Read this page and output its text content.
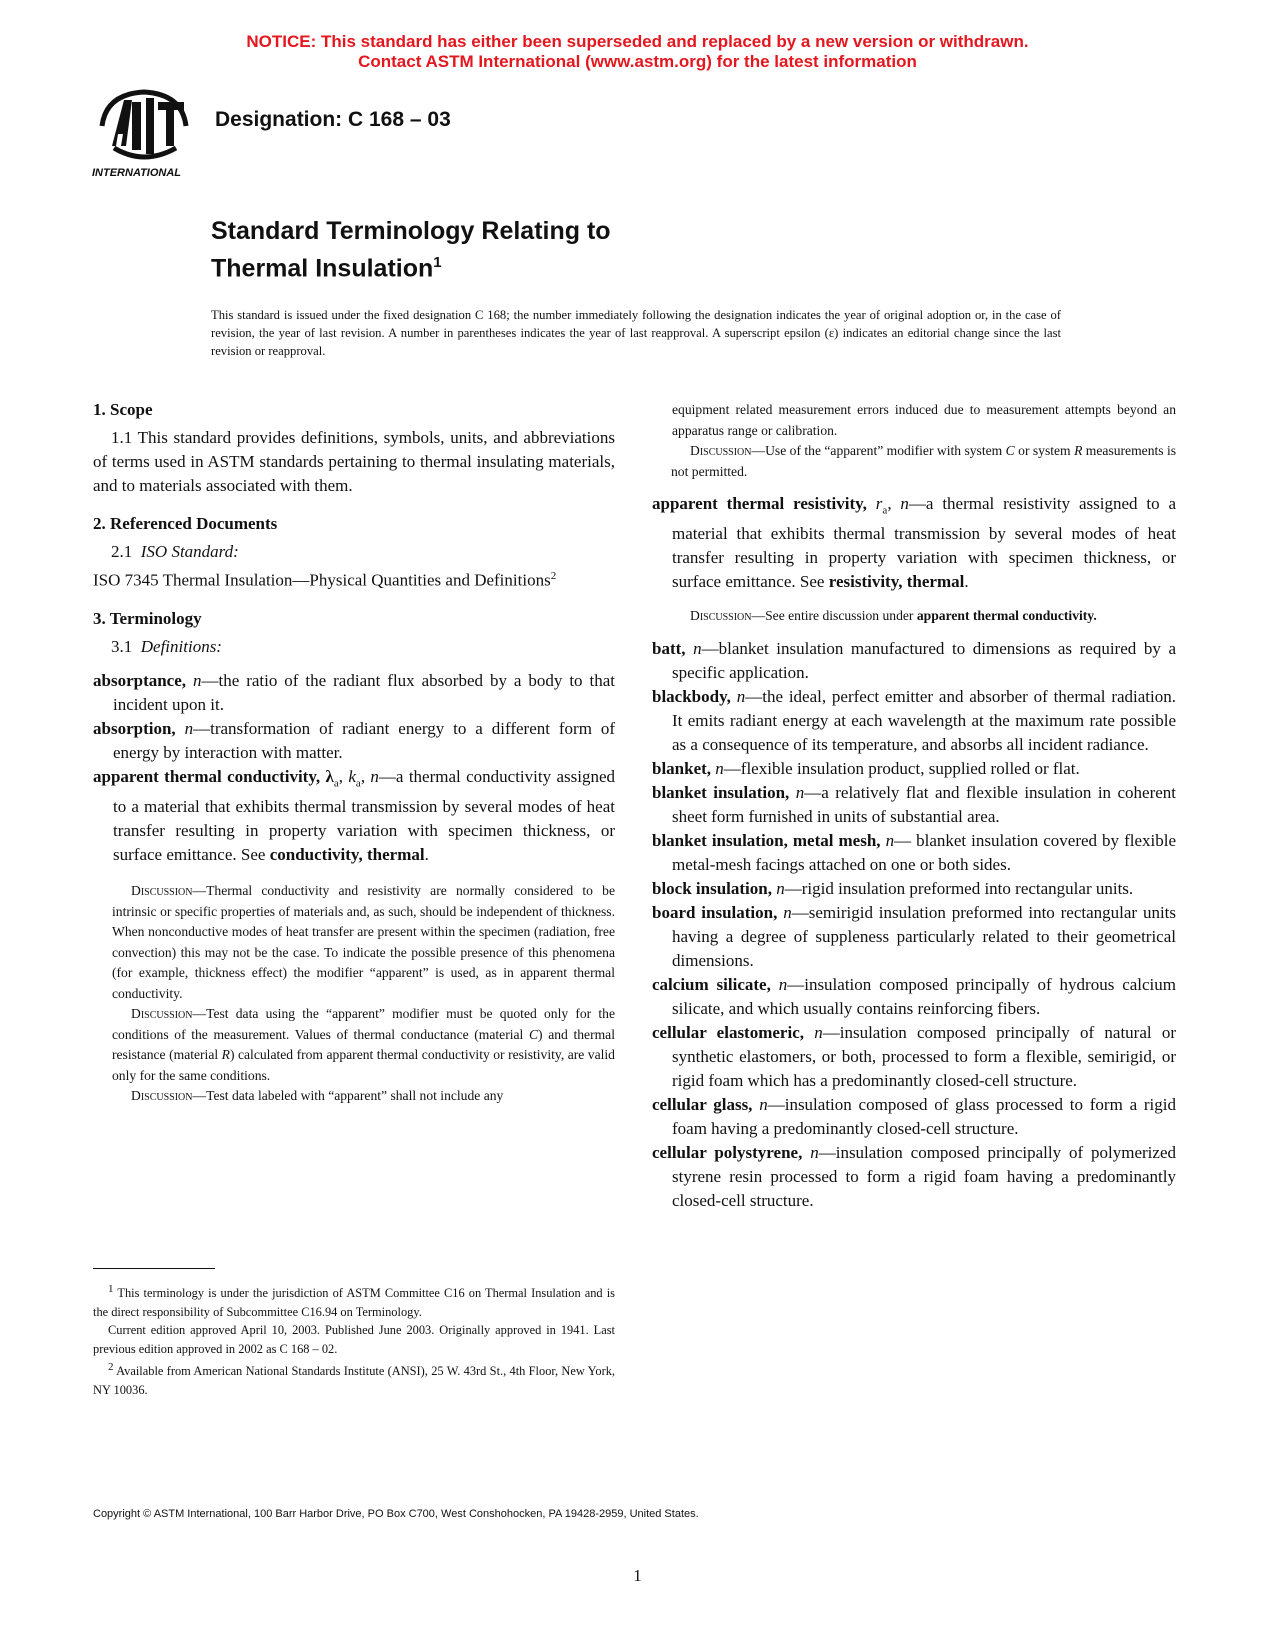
NOTICE: This standard has either been superseded and replaced by a new version or withdrawn.
Contact ASTM International (www.astm.org) for the latest information
INTERNATIONAL
Designation: C 168 – 03
Standard Terminology Relating to
Thermal Insulation$^1$
This standard is issued under the fixed designation C 168; the number immediately following the designation indicates the year of original adoption or, in the case of revision, the year of last revision. A number in parentheses indicates the year of last reapproval. A superscript epsilon (ε) indicates an editorial change since the last revision or reapproval.

1. Scope

1.1 This standard provides definitions, symbols, units, and abbreviations of terms used in ASTM standards pertaining to thermal insulating materials, and to materials associated with them.

2. Referenced Documents

2.1 ISO Standard:

ISO 7345 Thermal Insulation—Physical Quantities and Definitions$^2$

3. Terminology

3.1 Definitions:

absorptance, n—the ratio of the radiant flux absorbed by a body to that incident upon it.

absorption, n—transformation of radiant energy to a different form of energy by interaction with matter.

apparent thermal conductivity, $\lambda_a$, $k_a$, n—a thermal conductivity assigned to a material that exhibits thermal transmission by several modes of heat transfer resulting in property variation with specimen thickness, or surface emittance. See conductivity, thermal.

Discussion—Thermal conductivity and resistivity are normally considered to be intrinsic or specific properties of materials and, as such, should be independent of thickness. When nonconductive modes of heat transfer are present within the specimen (radiation, free convection) this may not be the case. To indicate the possible presence of this phenomena (for example, thickness effect) the modifier “apparent” is used, as in apparent thermal conductivity.

Discussion—Test data using the “apparent” modifier must be quoted only for the conditions of the measurement. Values of thermal conductance (material C) and thermal resistance (material R) calculated from apparent thermal conductivity or resistivity, are valid only for the same conditions.

Discussion—Test data labeled with “apparent” shall not include any

$^1$ This terminology is under the jurisdiction of ASTM Committee C16 on Thermal Insulation and is the direct responsibility of Subcommittee C16.94 on Terminology.

Current edition approved April 10, 2003. Published June 2003. Originally approved in 1941. Last previous edition approved in 2002 as C 168 – 02.

$^2$ Available from American National Standards Institute (ANSI), 25 W. 43rd St., 4th Floor, New York, NY 10036.

equipment related measurement errors induced due to measurement attempts beyond an apparatus range or calibration.

Discussion—Use of the “apparent” modifier with system C or system R measurements is not permitted.

apparent thermal resistivity, $r_a$, n—a thermal resistivity assigned to a material that exhibits thermal transmission by several modes of heat transfer resulting in property variation with specimen thickness, or surface emittance. See resistivity, thermal.

Discussion—See entire discussion under apparent thermal conductivity.

batt, n—blanket insulation manufactured to dimensions as required by a specific application.

blackbody, n—the ideal, perfect emitter and absorber of thermal radiation. It emits radiant energy at each wavelength at the maximum rate possible as a consequence of its temperature, and absorbs all incident radiance.

blanket, n—flexible insulation product, supplied rolled or flat.

blanket insulation, n—a relatively flat and flexible insulation in coherent sheet form furnished in units of substantial area.

blanket insulation, metal mesh, n— blanket insulation covered by flexible metal-mesh facings attached on one or both sides.

block insulation, n—rigid insulation preformed into rectangular units.

board insulation, n—semirigid insulation preformed into rectangular units having a degree of suppleness particularly related to their geometrical dimensions.

calcium silicate, n—insulation composed principally of hydrous calcium silicate, and which usually contains reinforcing fibers.

cellular elastomeric, n—insulation composed principally of natural or synthetic elastomers, or both, processed to form a flexible, semirigid, or rigid foam which has a predominantly closed-cell structure.

cellular glass, n—insulation composed of glass processed to form a rigid foam having a predominantly closed-cell structure.

cellular polystyrene, n—insulation composed principally of polymerized styrene resin processed to form a rigid foam having a predominantly closed-cell structure.

Copyright © ASTM International, 100 Barr Harbor Drive, PO Box C700, West Conshohocken, PA 19428-2959, United States.
1
